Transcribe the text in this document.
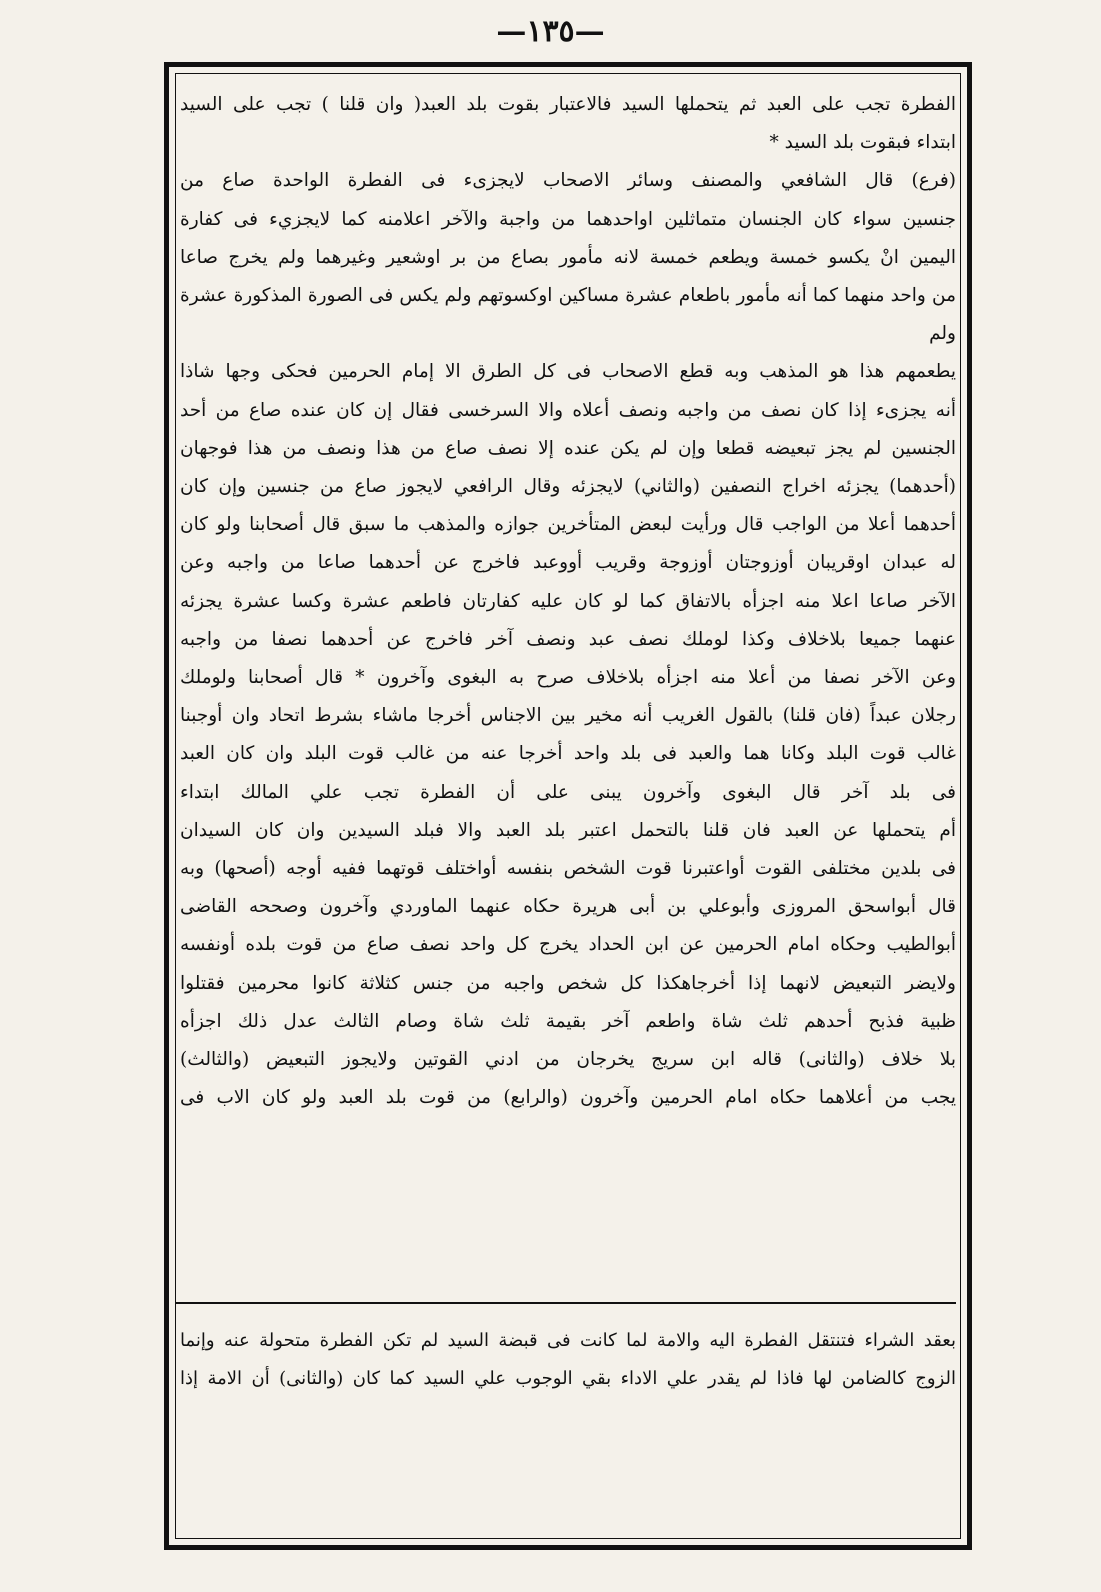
—١٣٥—

الفطرة تجب على العبد ثم يتحملها السيد فالاعتبار بقوت بلد العبد( وان قلنا ) تجب على السيد

ابتداء فبقوت بلد السيد *

(فرع) قال الشافعي والمصنف وسائر الاصحاب لايجزىء فى الفطرة الواحدة صاع من

جنسين سواء كان الجنسان متماثلين اواحدهما من واجبة والآخر اعلامنه كما لايجزيء فى كفارة

اليمين انْ يكسو خمسة ويطعم خمسة لانه مأمور بصاع من بر اوشعير وغيرهما ولم يخرج صاعا

من واحد منهما كما أنه مأمور باطعام عشرة مساكين اوكسوتهم ولم يكس فى الصورة المذكورة عشرة ولم

يطعمهم هذا هو المذهب وبه قطع الاصحاب فى كل الطرق الا إمام الحرمين فحكى وجها شاذا

أنه يجزىء إذا كان نصف من واجبه ونصف أعلاه والا السرخسى فقال إن كان عنده صاع من أحد

الجنسين لم يجز تبعيضه قطعا وإن لم يكن عنده إلا نصف صاع من هذا ونصف من هذا فوجهان

(أحدهما) يجزئه اخراج النصفين (والثاني) لايجزئه وقال الرافعي لايجوز صاع من جنسين وإن كان

أحدهما أعلا من الواجب قال ورأيت لبعض المتأخرين جوازه والمذهب ما سبق قال أصحابنا ولو كان

له عبدان اوقريبان أوزوجتان أوزوجة وقريب أووعبد فاخرج عن أحدهما صاعا من واجبه وعن

الآخر صاعا اعلا منه اجزأه بالاتفاق كما لو كان عليه كفارتان فاطعم عشرة وكسا عشرة يجزئه

عنهما جميعا بلاخلاف وكذا لوملك نصف عبد ونصف آخر فاخرج عن أحدهما نصفا من واجبه

وعن الآخر نصفا من أعلا منه اجزأه بلاخلاف صرح به البغوى وآخرون * قال أصحابنا ولوملك

رجلان عبداً (فان قلنا) بالقول الغريب أنه مخير بين الاجناس أخرجا ماشاء بشرط اتحاد وان أوجبنا

غالب قوت البلد وكانا هما والعبد فى بلد واحد أخرجا عنه من غالب قوت البلد وان كان العبد

فى بلد آخر قال البغوى وآخرون يبنى على أن الفطرة تجب علي المالك ابتداء

أم يتحملها عن العبد فان قلنا بالتحمل اعتبر بلد العبد والا فبلد السيدين وان كان السيدان

فى بلدين مختلفى القوت أواعتبرنا قوت الشخص بنفسه أواختلف قوتهما ففيه أوجه (أصحها) وبه

قال أبواسحق المروزى وأبوعلي بن أبى هريرة حكاه عنهما الماوردي وآخرون وصححه القاضى

أبوالطيب وحكاه امام الحرمين عن ابن الحداد يخرج كل واحد نصف صاع من قوت بلده أونفسه

ولايضر التبعيض لانهما إذا أخرجاهكذا كل شخص واجبه من جنس كثلاثة كانوا محرمين فقتلوا

ظبية فذبح أحدهم ثلث شاة واطعم آخر بقيمة ثلث شاة وصام الثالث عدل ذلك اجزأه

بلا خلاف (والثانى) قاله ابن سريج يخرجان من ادني القوتين ولايجوز التبعيض (والثالث)

يجب من أعلاهما حكاه امام الحرمين وآخرون (والرابع) من قوت بلد العبد ولو كان الاب فى

بعقد الشراء فتنتقل الفطرة اليه والامة لما كانت فى قبضة السيد لم تكن الفطرة متحولة عنه وإنما

الزوج كالضامن لها فاذا لم يقدر علي الاداء بقي الوجوب علي السيد كما كان (والثانى) أن الامة إذا
